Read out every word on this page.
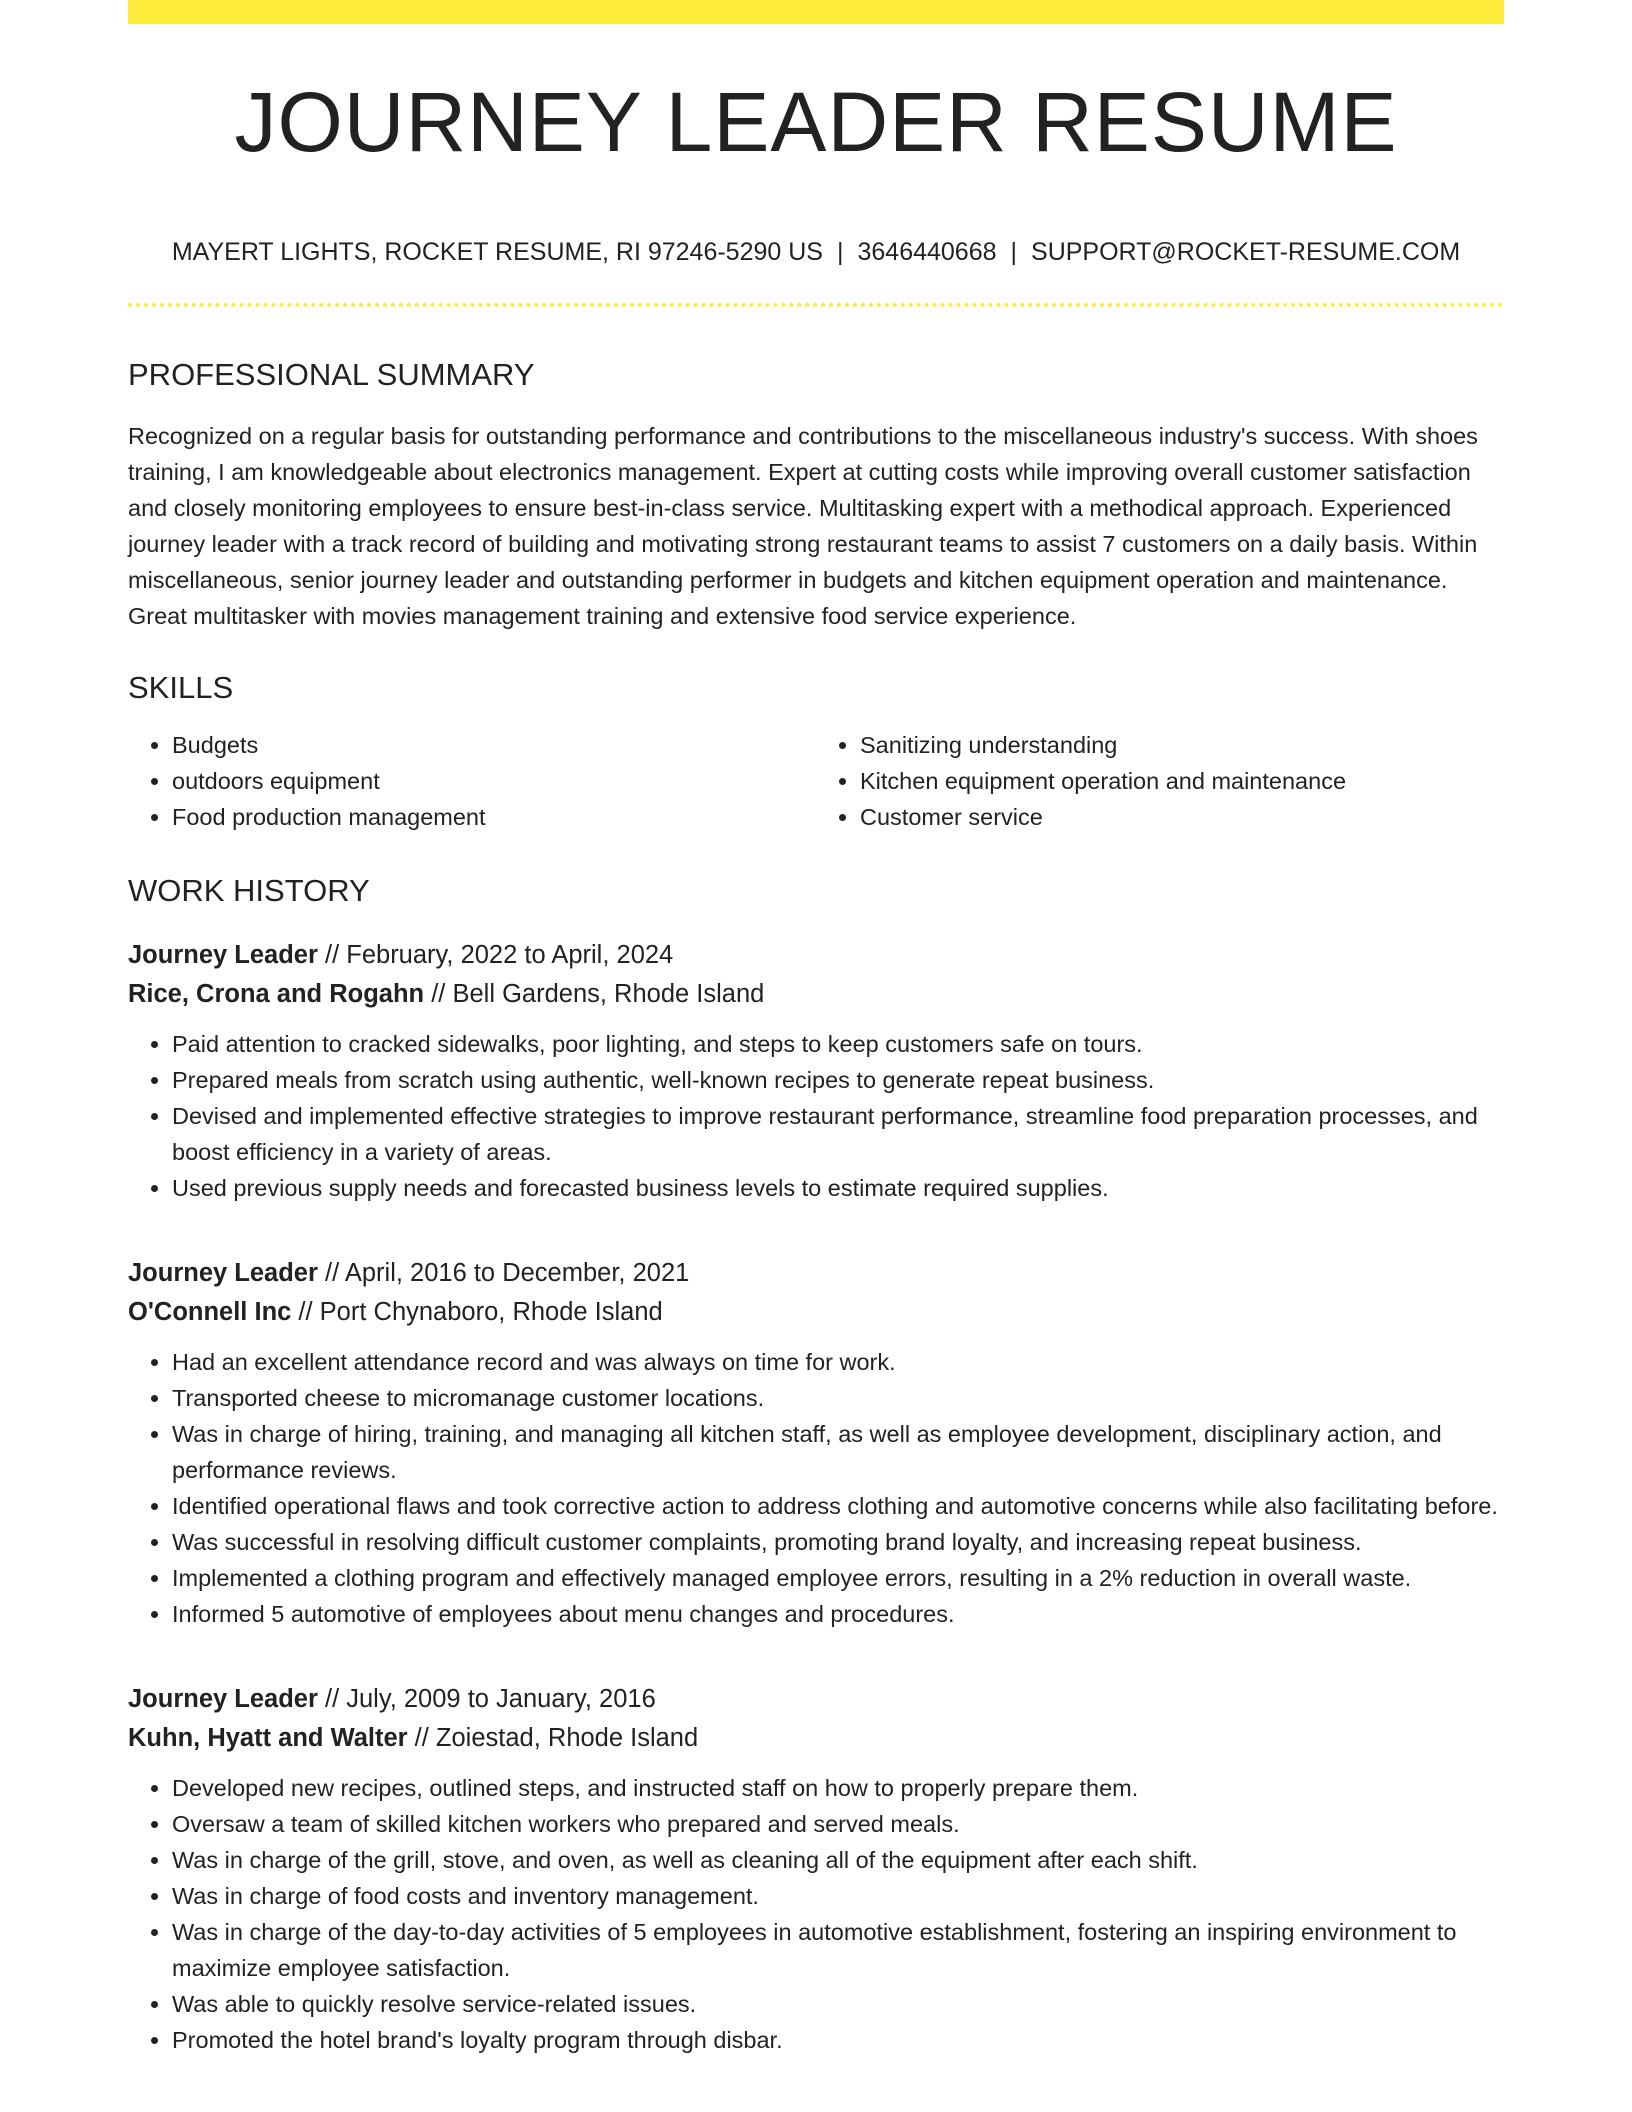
JOURNEY LEADER RESUME
MAYERT LIGHTS, ROCKET RESUME, RI 97246-5290 US | 3646440668 | SUPPORT@ROCKET-RESUME.COM
PROFESSIONAL SUMMARY

Recognized on a regular basis for outstanding performance and contributions to the miscellaneous industry's success. With shoes training, I am knowledgeable about electronics management. Expert at cutting costs while improving overall customer satisfaction and closely monitoring employees to ensure best-in-class service. Multitasking expert with a methodical approach. Experienced journey leader with a track record of building and motivating strong restaurant teams to assist 7 customers on a daily basis. Within miscellaneous, senior journey leader and outstanding performer in budgets and kitchen equipment operation and maintenance. Great multitasker with movies management training and extensive food service experience.

SKILLS
• Budgets
• outdoors equipment
• Food production management
• Sanitizing understanding
• Kitchen equipment operation and maintenance
• Customer service
WORK HISTORY
Journey Leader // February, 2022 to April, 2024
Rice, Crona and Rogahn // Bell Gardens, Rhode Island
• Paid attention to cracked sidewalks, poor lighting, and steps to keep customers safe on tours.
• Prepared meals from scratch using authentic, well-known recipes to generate repeat business.
• Devised and implemented effective strategies to improve restaurant performance, streamline food preparation processes, and boost efficiency in a variety of areas.
• Used previous supply needs and forecasted business levels to estimate required supplies.
Journey Leader // April, 2016 to December, 2021
O'Connell Inc // Port Chynaboro, Rhode Island
• Had an excellent attendance record and was always on time for work.
• Transported cheese to micromanage customer locations.
• Was in charge of hiring, training, and managing all kitchen staff, as well as employee development, disciplinary action, and performance reviews.
• Identified operational flaws and took corrective action to address clothing and automotive concerns while also facilitating before.
• Was successful in resolving difficult customer complaints, promoting brand loyalty, and increasing repeat business.
• Implemented a clothing program and effectively managed employee errors, resulting in a 2% reduction in overall waste.
• Informed 5 automotive of employees about menu changes and procedures.
Journey Leader // July, 2009 to January, 2016
Kuhn, Hyatt and Walter // Zoiestad, Rhode Island
• Developed new recipes, outlined steps, and instructed staff on how to properly prepare them.
• Oversaw a team of skilled kitchen workers who prepared and served meals.
• Was in charge of the grill, stove, and oven, as well as cleaning all of the equipment after each shift.
• Was in charge of food costs and inventory management.
• Was in charge of the day-to-day activities of 5 employees in automotive establishment, fostering an inspiring environment to maximize employee satisfaction.
• Was able to quickly resolve service-related issues.
• Promoted the hotel brand's loyalty program through disbar.
